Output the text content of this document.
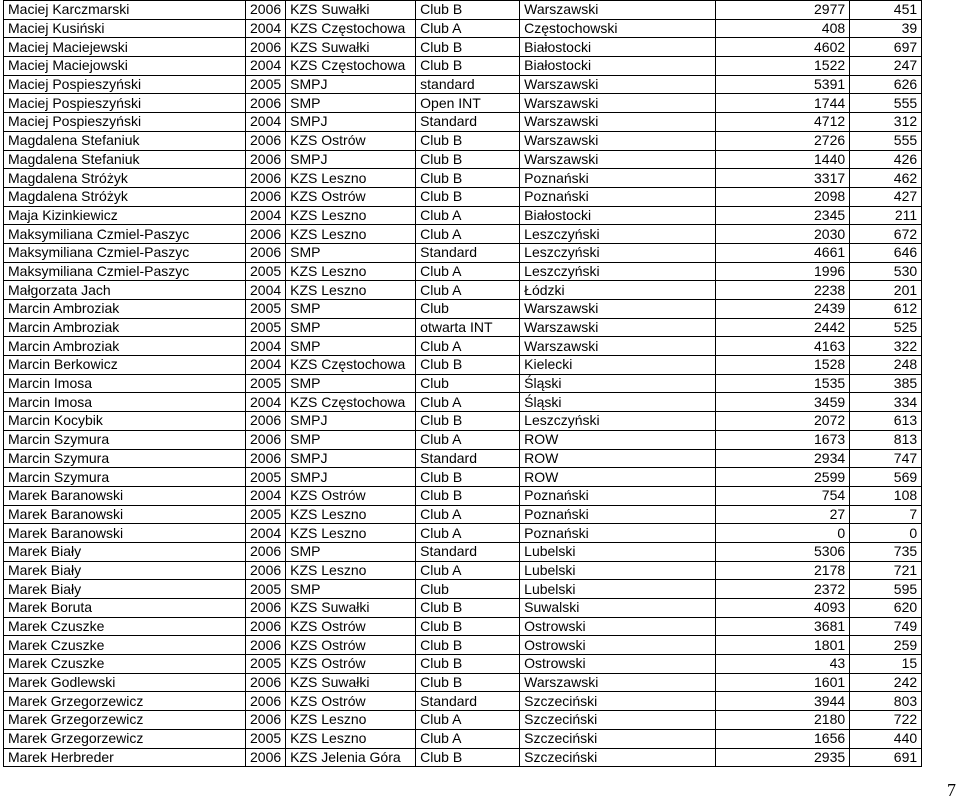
Maciej Karczmarski	2006	KZS Suwałki	Club B	Warszawski	2977	451
Maciej Kusiński	2004	KZS Częstochowa	Club A	Częstochowski	408	39
Maciej Maciejewski	2006	KZS Suwałki	Club B	Białostocki	4602	697
Maciej Maciejowski	2004	KZS Częstochowa	Club B	Białostocki	1522	247
Maciej Pospieszyński	2005	SMPJ	standard	Warszawski	5391	626
Maciej Pospieszyński	2006	SMP	Open INT	Warszawski	1744	555
Maciej Pospieszyński	2004	SMPJ	Standard	Warszawski	4712	312
Magdalena Stefaniuk	2006	KZS Ostrów	Club B	Warszawski	2726	555
Magdalena Stefaniuk	2006	SMPJ	Club B	Warszawski	1440	426
Magdalena Stróżyk	2006	KZS Leszno	Club B	Poznański	3317	462
Magdalena Stróżyk	2006	KZS Ostrów	Club B	Poznański	2098	427
Maja Kizinkiewicz	2004	KZS Leszno	Club A	Białostocki	2345	211
Maksymiliana Czmiel-Paszyc	2006	KZS Leszno	Club A	Leszczyński	2030	672
Maksymiliana Czmiel-Paszyc	2006	SMP	Standard	Leszczyński	4661	646
Maksymiliana Czmiel-Paszyc	2005	KZS Leszno	Club A	Leszczyński	1996	530
Małgorzata Jach	2004	KZS Leszno	Club A	Łódzki	2238	201
Marcin Ambroziak	2005	SMP	Club	Warszawski	2439	612
Marcin Ambroziak	2005	SMP	otwarta INT	Warszawski	2442	525
Marcin Ambroziak	2004	SMP	Club A	Warszawski	4163	322
Marcin Berkowicz	2004	KZS Częstochowa	Club B	Kielecki	1528	248
Marcin Imosa	2005	SMP	Club	Śląski	1535	385
Marcin Imosa	2004	KZS Częstochowa	Club A	Śląski	3459	334
Marcin Kocybik	2006	SMPJ	Club B	Leszczyński	2072	613
Marcin Szymura	2006	SMP	Club A	ROW	1673	813
Marcin Szymura	2006	SMPJ	Standard	ROW	2934	747
Marcin Szymura	2005	SMPJ	Club B	ROW	2599	569
Marek Baranowski	2004	KZS Ostrów	Club B	Poznański	754	108
Marek Baranowski	2005	KZS Leszno	Club A	Poznański	27	7
Marek Baranowski	2004	KZS Leszno	Club A	Poznański	0	0
Marek Biały	2006	SMP	Standard	Lubelski	5306	735
Marek Biały	2006	KZS Leszno	Club A	Lubelski	2178	721
Marek Biały	2005	SMP	Club	Lubelski	2372	595
Marek Boruta	2006	KZS Suwałki	Club B	Suwalski	4093	620
Marek Czuszke	2006	KZS Ostrów	Club B	Ostrowski	3681	749
Marek Czuszke	2006	KZS Ostrów	Club B	Ostrowski	1801	259
Marek Czuszke	2005	KZS Ostrów	Club B	Ostrowski	43	15
Marek Godlewski	2006	KZS Suwałki	Club B	Warszawski	1601	242
Marek Grzegorzewicz	2006	KZS Ostrów	Standard	Szczeciński	3944	803
Marek Grzegorzewicz	2006	KZS Leszno	Club A	Szczeciński	2180	722
Marek Grzegorzewicz	2005	KZS Leszno	Club A	Szczeciński	1656	440
Marek Herbreder	2006	KZS Jelenia Góra	Club B	Szczeciński	2935	691
7
